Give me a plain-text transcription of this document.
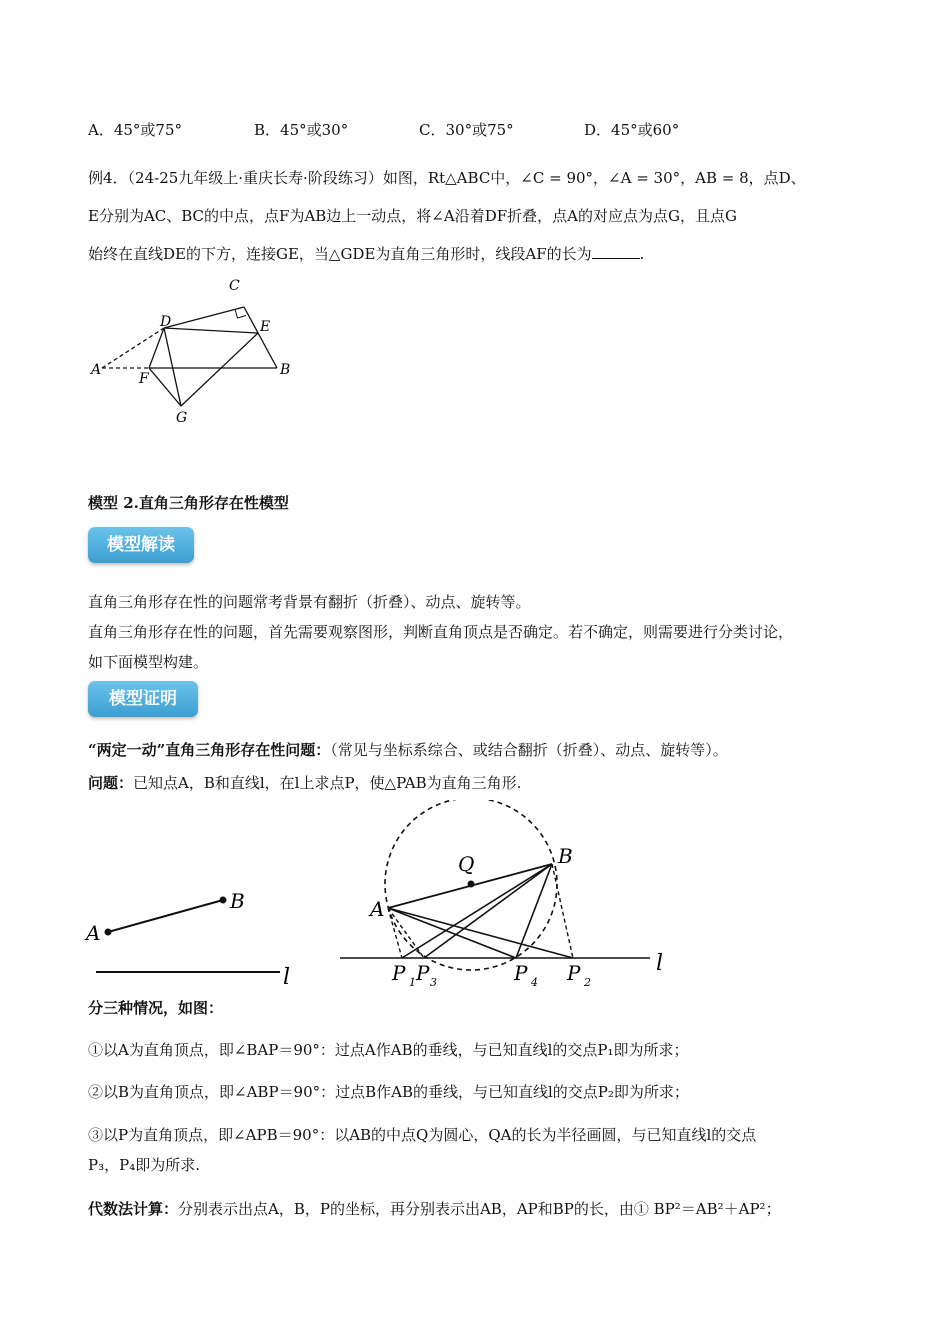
A．45°或75°	B．45°或30°	C．30°或75°	D．45°或60°
例4．（24-25九年级上·重庆长寿·阶段练习）如图，Rt△ABC中，∠C = 90°，∠A = 30°，AB = 8，点D、
E分别为AC、BC的中点，点F为AB边上一动点，将∠A沿着DF折叠，点A的对应点为点G，且点G
始终在直线DE的下方，连接GE，当△GDE为直角三角形时，线段AF的长为	.
C
D	E
A
F
B
G
模型 2.直角三角形存在性模型
模型解读
直角三角形存在性的问题常考背景有翻折（折叠）、动点、旋转等。
直角三角形存在性的问题，首先需要观察图形，判断直角顶点是否确定。若不确定，则需要进行分类讨论，
如下面模型构建。
模型证明
“两定一动”直角三角形存在性问题：（常见与坐标系综合、或结合翻折（折叠）、动点、旋转等）。
问题：已知点A，B和直线l，在l上求点P，使△PAB为直角三角形.
A
B
l
Q	B
A
l
P 1 P 3	P 4 P 2
分三种情况，如图：
①以A为直角顶点，即∠BAP＝90°：过点A作AB的垂线，与已知直线l的交点P₁即为所求；
②以B为直角顶点，即∠ABP＝90°：过点B作AB的垂线，与已知直线l的交点P₂即为所求；
③以P为直角顶点，即∠APB＝90°：以AB的中点Q为圆心，QA的长为半径画圆，与已知直线l的交点
P₃，P₄即为所求.
代数法计算：分别表示出点A，B，P的坐标，再分别表示出AB，AP和BP的长，由① BP²＝AB²＋AP²；
